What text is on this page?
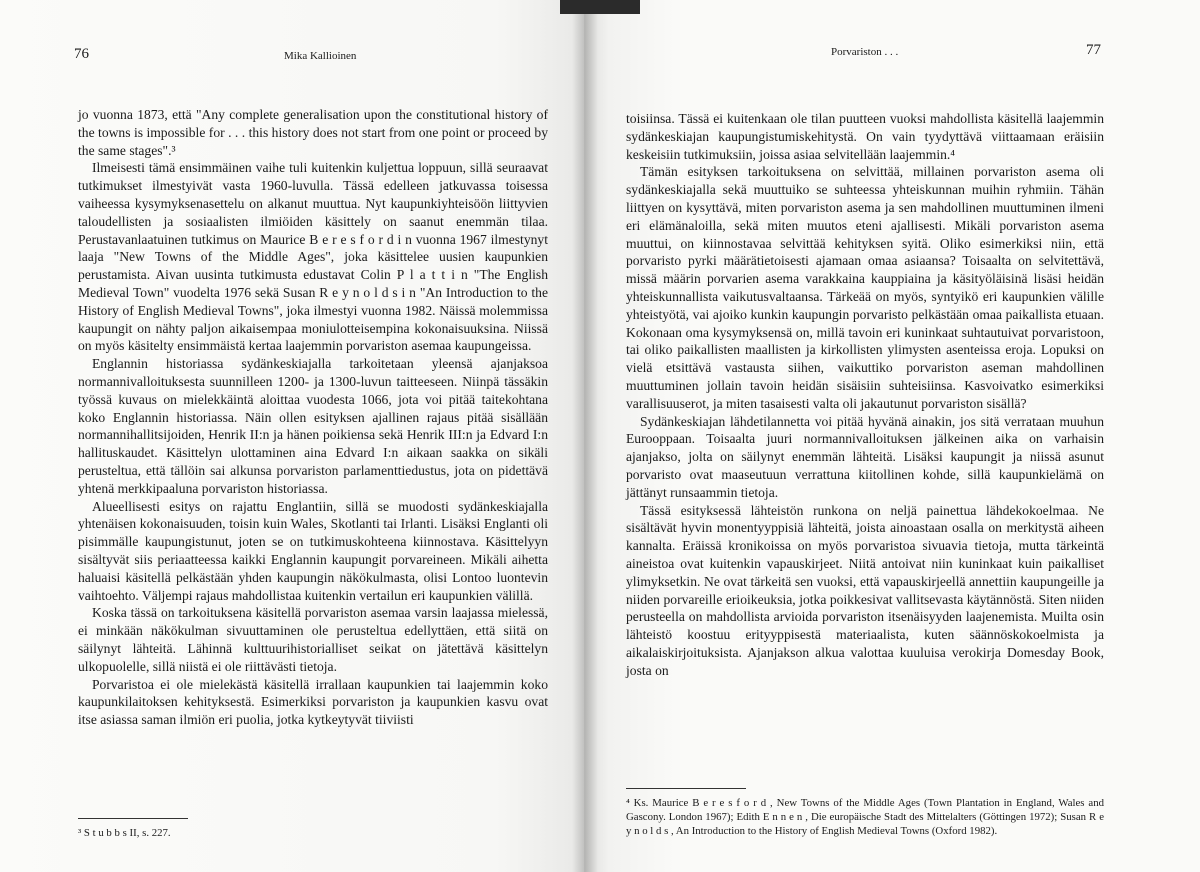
76	Mika Kallioinen

jo vuonna 1873, että "Any complete generalisation upon the constitutional history of the towns is impossible for . . . this history does not start from one point or proceed by the same stages".³

Ilmeisesti tämä ensimmäinen vaihe tuli kuitenkin kuljettua loppuun, sillä seuraavat tutkimukset ilmestyivät vasta 1960-luvulla. Tässä edelleen jatkuvassa toisessa vaiheessa kysymyksenasettelu on alkanut muuttua. Nyt kaupunkiyhteisöön liittyvien taloudellisten ja sosiaalisten ilmiöiden käsittely on saanut enemmän tilaa. Perustavanlaatuinen tutkimus on Maurice B e r e s f o r d i n vuonna 1967 ilmestynyt laaja "New Towns of the Middle Ages", joka käsittelee uusien kaupunkien perustamista. Aivan uusinta tutkimusta edustavat Colin P l a t t i n "The English Medieval Town" vuodelta 1976 sekä Susan R e y n o l d s i n "An Introduction to the History of English Medieval Towns", joka ilmestyi vuonna 1982. Näissä molemmissa kaupungit on nähty paljon aikaisempaa moniulotteisempina kokonaisuuksina. Niissä on myös käsitelty ensimmäistä kertaa laajemmin porvariston asemaa kaupungeissa.

Englannin historiassa sydänkeskiajalla tarkoitetaan yleensä ajanjaksoa normannivalloituksesta suunnilleen 1200- ja 1300-luvun taitteeseen. Niinpä tässäkin työssä kuvaus on mielekkäintä aloittaa vuodesta 1066, jota voi pitää taitekohtana koko Englannin historiassa. Näin ollen esityksen ajallinen rajaus pitää sisällään normannihallitsijoiden, Henrik II:n ja hänen poikiensa sekä Henrik III:n ja Edvard I:n hallituskaudet. Käsittelyn ulottaminen aina Edvard I:n aikaan saakka on sikäli perusteltua, että tällöin sai alkunsa porvariston parlamenttiedustus, jota on pidettävä yhtenä merkkipaaluna porvariston historiassa.

Alueellisesti esitys on rajattu Englantiin, sillä se muodosti sydänkeskiajalla yhtenäisen kokonaisuuden, toisin kuin Wales, Skotlanti tai Irlanti. Lisäksi Englanti oli pisimmälle kaupungistunut, joten se on tutkimuskohteena kiinnostava. Käsittelyyn sisältyvät siis periaatteessa kaikki Englannin kaupungit porvareineen. Mikäli aihetta haluaisi käsitellä pelkästään yhden kaupungin näkökulmasta, olisi Lontoo luontevin vaihtoehto. Väljempi rajaus mahdollistaa kuitenkin vertailun eri kaupunkien välillä.

Koska tässä on tarkoituksena käsitellä porvariston asemaa varsin laajassa mielessä, ei minkään näkökulman sivuuttaminen ole perusteltua edellyttäen, että siitä on säilynyt lähteitä. Lähinnä kulttuurihistorialliset seikat on jätettävä käsittelyn ulkopuolelle, sillä niistä ei ole riittävästi tietoja.

Porvaristoa ei ole mielekästä käsitellä irrallaan kaupunkien tai laajemmin koko kaupunkilaitoksen kehityksestä. Esimerkiksi porvariston ja kaupunkien kasvu ovat itse asiassa saman ilmiön eri puolia, jotka kytkeytyvät tiiviisti

³ S t u b b s II, s. 227.
Porvariston . . .	77

toisiinsa. Tässä ei kuitenkaan ole tilan puutteen vuoksi mahdollista käsitellä laajemmin sydänkeskiajan kaupungistumiskehitystä. On vain tyydyttävä viittaamaan eräisiin keskeisiin tutkimuksiin, joissa asiaa selvitellään laajemmin.⁴

Tämän esityksen tarkoituksena on selvittää, millainen porvariston asema oli sydänkeskiajalla sekä muuttuiko se suhteessa yhteiskunnan muihin ryhmiin. Tähän liittyen on kysyttävä, miten porvariston asema ja sen mahdollinen muuttuminen ilmeni eri elämänaloilla, sekä miten muutos eteni ajallisesti. Mikäli porvariston asema muuttui, on kiinnostavaa selvittää kehityksen syitä. Oliko esimerkiksi niin, että porvaristo pyrki määrätietoisesti ajamaan omaa asiaansa? Toisaalta on selvitettävä, missä määrin porvarien asema varakkaina kauppiaina ja käsityöläisinä lisäsi heidän yhteiskunnallista vaikutusvaltaansa. Tärkeää on myös, syntyikö eri kaupunkien välille yhteistyötä, vai ajoiko kunkin kaupungin porvaristo pelkästään omaa paikallista etuaan. Kokonaan oma kysymyksensä on, millä tavoin eri kuninkaat suhtautuivat porvaristoon, tai oliko paikallisten maallisten ja kirkollisten ylimysten asenteissa eroja. Lopuksi on vielä etsittävä vastausta siihen, vaikuttiko porvariston aseman mahdollinen muuttuminen jollain tavoin heidän sisäisiin suhteisiinsa. Kasvoivatko esimerkiksi varallisuuserot, ja miten tasaisesti valta oli jakautunut porvariston sisällä?

Sydänkeskiajan lähdetilannetta voi pitää hyvänä ainakin, jos sitä verrataan muuhun Eurooppaan. Toisaalta juuri normannivalloituksen jälkeinen aika on varhaisin ajanjakso, jolta on säilynyt enemmän lähteitä. Lisäksi kaupungit ja niissä asunut porvaristo ovat maaseutuun verrattuna kiitollinen kohde, sillä kaupunkielämä on jättänyt runsaammin tietoja.

Tässä esityksessä lähteistön runkona on neljä painettua lähdekokoelmaa. Ne sisältävät hyvin monentyyppisiä lähteitä, joista ainoastaan osalla on merkitystä aiheen kannalta. Eräissä kronikoissa on myös porvaristoa sivuavia tietoja, mutta tärkeintä aineistoa ovat kuitenkin vapauskirjeet. Niitä antoivat niin kuninkaat kuin paikalliset ylimyksetkin. Ne ovat tärkeitä sen vuoksi, että vapauskirjeellä annettiin kaupungeille ja niiden porvareille erioikeuksia, jotka poikkesivat vallitsevasta käytännöstä. Siten niiden perusteella on mahdollista arvioida porvariston itsenäisyyden laajenemista. Muilta osin lähteistö koostuu erityyppisestä materiaalista, kuten säännöskokoelmista ja aikalaiskirjoituksista. Ajanjakson alkua valottaa kuuluisa verokirja Domesday Book, josta on

⁴ Ks. Maurice B e r e s f o r d , New Towns of the Middle Ages (Town Plantation in England, Wales and Gascony. London 1967); Edith E n n e n , Die europäische Stadt des Mittelalters (Göttingen 1972); Susan R e y n o l d s , An Introduction to the History of English Medieval Towns (Oxford 1982).
